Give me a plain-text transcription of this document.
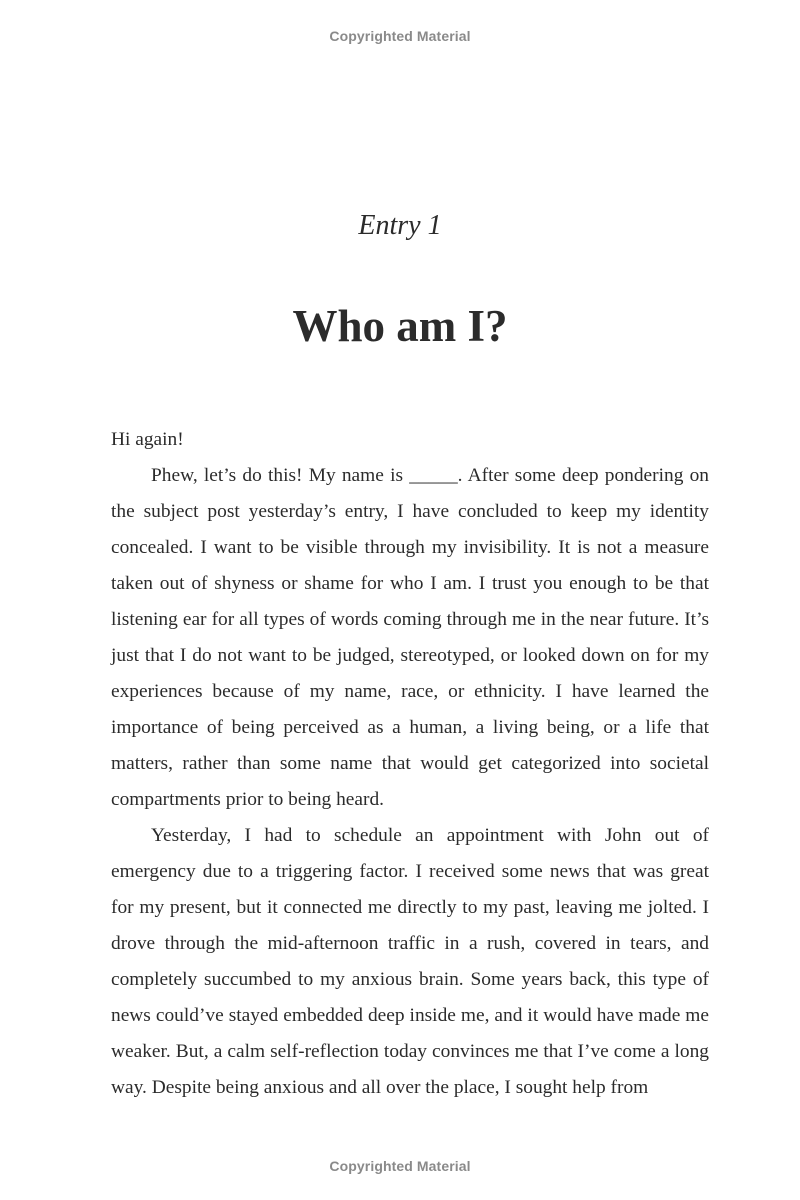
Copyrighted Material
Entry 1
Who am I?

Hi again!

Phew, let’s do this! My name is _____. After some deep pondering on the subject post yesterday’s entry, I have concluded to keep my identity concealed. I want to be visible through my invisibility. It is not a measure taken out of shyness or shame for who I am. I trust you enough to be that listening ear for all types of words coming through me in the near future. It’s just that I do not want to be judged, stereotyped, or looked down on for my experiences because of my name, race, or ethnicity. I have learned the importance of being perceived as a human, a living being, or a life that matters, rather than some name that would get categorized into societal compartments prior to being heard.

Yesterday, I had to schedule an appointment with John out of emergency due to a triggering factor. I received some news that was great for my present, but it connected me directly to my past, leaving me jolted. I drove through the mid-afternoon traffic in a rush, covered in tears, and completely succumbed to my anxious brain. Some years back, this type of news could’ve stayed embedded deep inside me, and it would have made me weaker. But, a calm self-reflection today convinces me that I’ve come a long way. Despite being anxious and all over the place, I sought help from

Copyrighted Material
